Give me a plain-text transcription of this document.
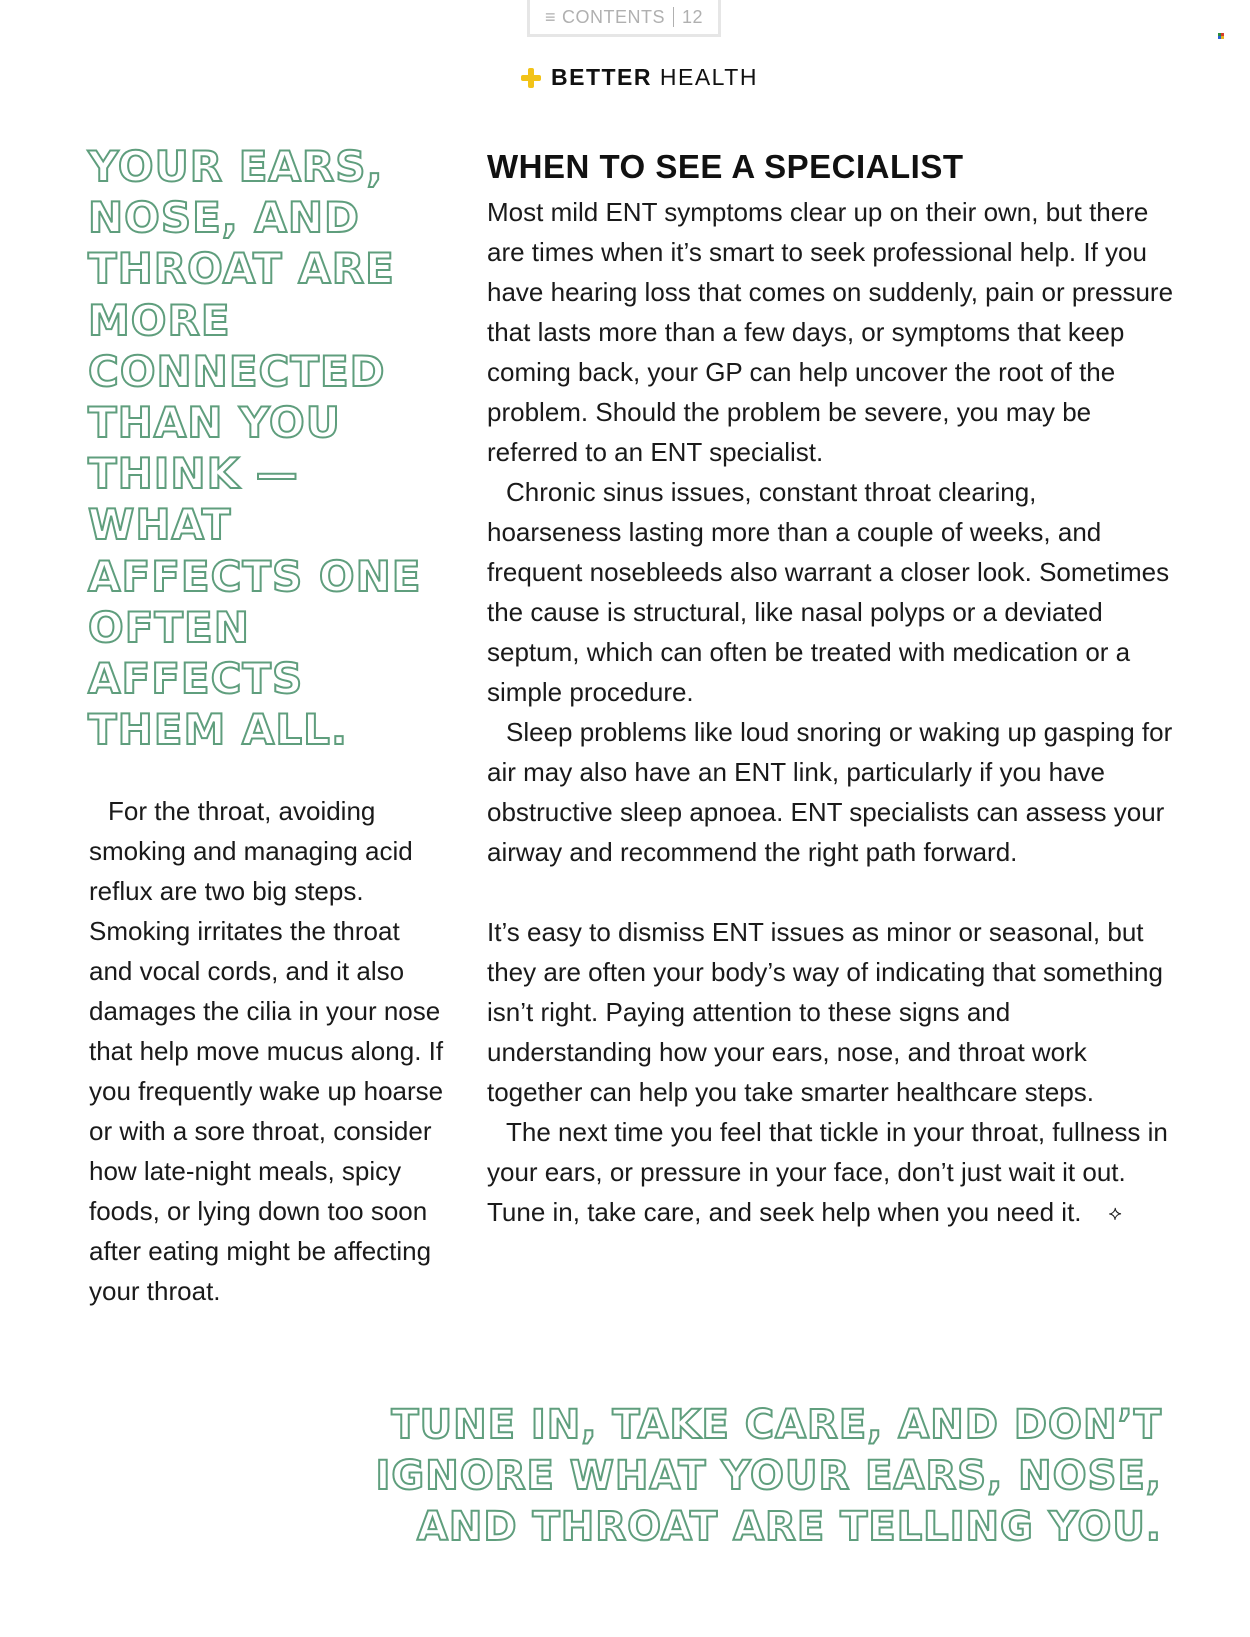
≡ CONTENTS 12
BETTER HEALTH

YOUR EARS, NOSE, AND THROAT ARE MORE CONNECTED THAN YOU THINK — WHAT AFFECTS ONE OFTEN AFFECTS THEM ALL.

For the throat, avoiding smoking and managing acid reflux are two big steps. Smoking irritates the throat and vocal cords, and it also damages the cilia in your nose that help move mucus along. If you frequently wake up hoarse or with a sore throat, consider how late-night meals, spicy foods, or lying down too soon after eating might be affecting your throat.

WHEN TO SEE A SPECIALIST

Most mild ENT symptoms clear up on their own, but there are times when it’s smart to seek professional help. If you have hearing loss that comes on suddenly, pain or pressure that lasts more than a few days, or symptoms that keep coming back, your GP can help uncover the root of the problem. Should the problem be severe, you may be referred to an ENT specialist.

Chronic sinus issues, constant throat clearing, hoarseness lasting more than a couple of weeks, and frequent nosebleeds also warrant a closer look. Sometimes the cause is structural, like nasal polyps or a deviated septum, which can often be treated with medication or a simple procedure.

Sleep problems like loud snoring or waking up gasping for air may also have an ENT link, particularly if you have obstructive sleep apnoea. ENT specialists can assess your airway and recommend the right path forward.

It’s easy to dismiss ENT issues as minor or seasonal, but they are often your body’s way of indicating that something isn’t right. Paying attention to these signs and understanding how your ears, nose, and throat work together can help you take smarter healthcare steps.

The next time you feel that tickle in your throat, fullness in your ears, or pressure in your face, don’t just wait it out. Tune in, take care, and seek help when you need it. ⯎

TUNE IN, TAKE CARE, AND DON’T IGNORE WHAT YOUR EARS, NOSE, AND THROAT ARE TELLING YOU.
